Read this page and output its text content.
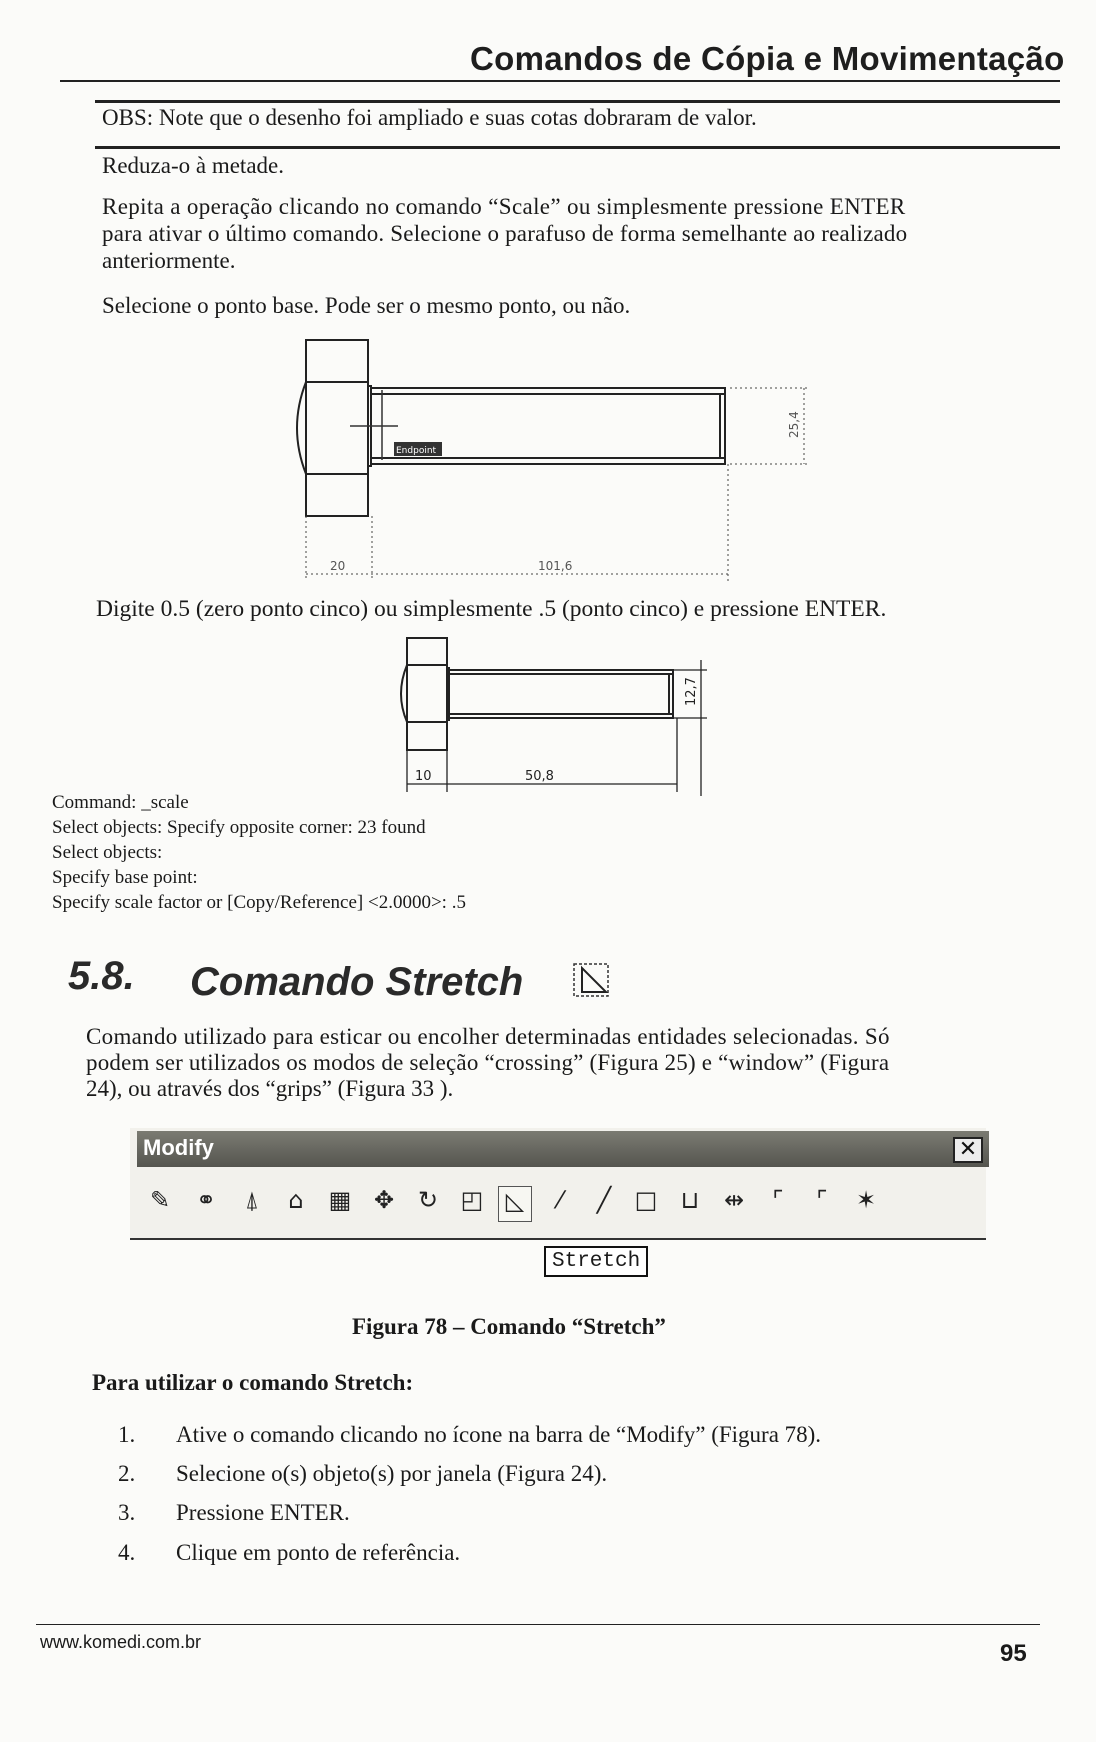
Comandos de Cópia e Movimentação
OBS: Note que o desenho foi ampliado e suas cotas dobraram de valor.
Reduza-o à metade.
Repita a operação clicando no comando “Scale” ou simplesmente pressione ENTER
para ativar o último comando. Selecione o parafuso de forma semelhante ao realizado
anteriormente.
Selecione o ponto base. Pode ser o mesmo ponto, ou não.
Endpoint
20	101,6
25,4
Digite 0.5 (zero ponto cinco) ou simplesmente .5 (ponto cinco) e pressione ENTER.
10	50,8
12,7
Command: _scale
Select objects: Specify opposite corner: 23 found
Select objects:
Specify base point:
Specify scale factor or [Copy/Reference] <2.0000>: .5
5.8. Comando Stretch
Comando utilizado para esticar ou encolher determinadas entidades selecionadas. Só
podem ser utilizados os modos de seleção “crossing” (Figura 25) e “window” (Figura
24), ou através dos “grips” (Figura 33 ).
Modify	✕
✎ ⚭	⍋	⌂	▦ ✥ ↻ ◰ ◺	⁄	╱ □ ⊔ ⇹	⌜	⌜	✶
Stretch
Figura 78 – Comando “Stretch”
Para utilizar o comando Stretch:
1. Ative o comando clicando no ícone na barra de “Modify” (Figura 78).
2. Selecione o(s) objeto(s) por janela (Figura 24).
3. Pressione ENTER.
4. Clique em ponto de referência.
www.komedi.com.br	95
